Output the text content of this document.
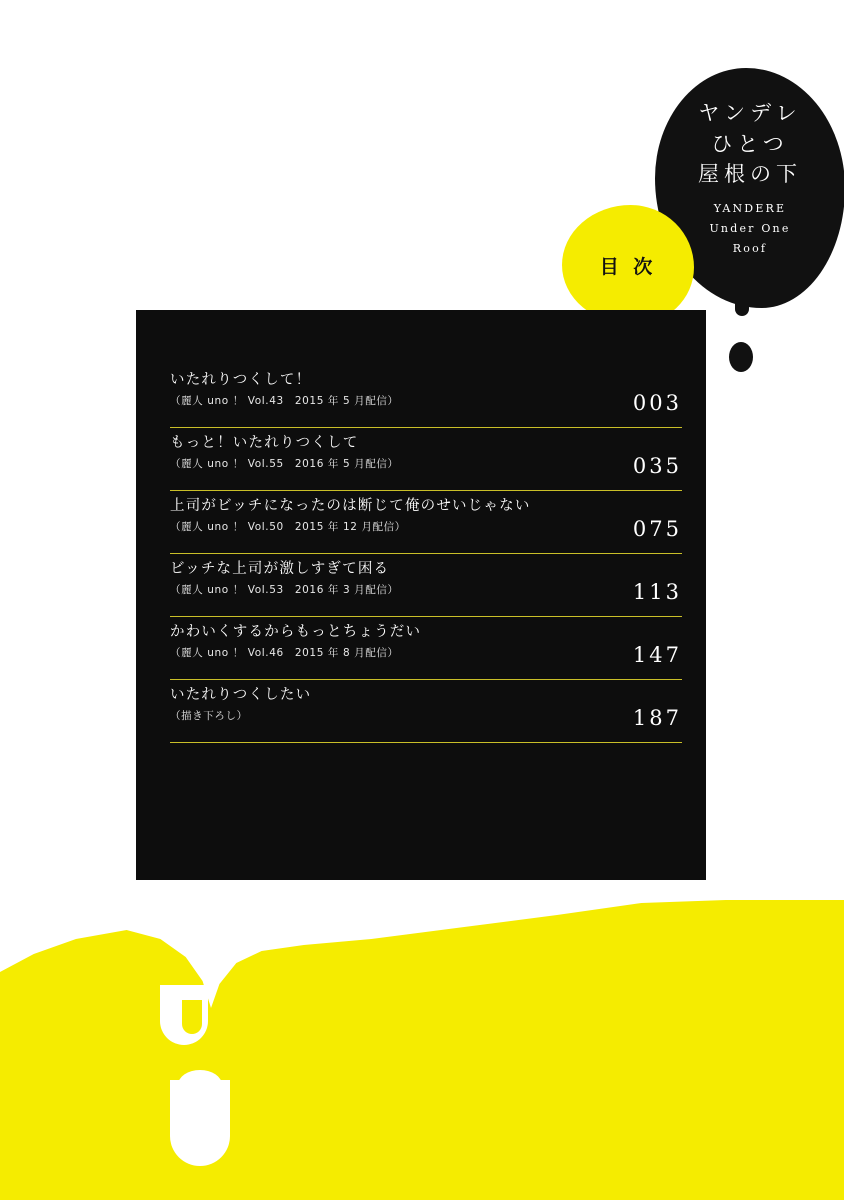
ヤンデレ
ひとつ
屋根の下
YANDERE
Under One
Roof
目 次
いたれりつくして！
（麗人 uno ！ Vol.43　2015 年 5 月配信）	003
もっと！いたれりつくして
（麗人 uno ！ Vol.55　2016 年 5 月配信）	035
上司がビッチになったのは断じて俺のせいじゃない
（麗人 uno ！ Vol.50　2015 年 12 月配信）	075
ビッチな上司が激しすぎて困る
（麗人 uno ！ Vol.53　2016 年 3 月配信）	113
かわいくするからもっとちょうだい
（麗人 uno ！ Vol.46　2015 年 8 月配信）	147
いたれりつくしたい
（描き下ろし）	187
